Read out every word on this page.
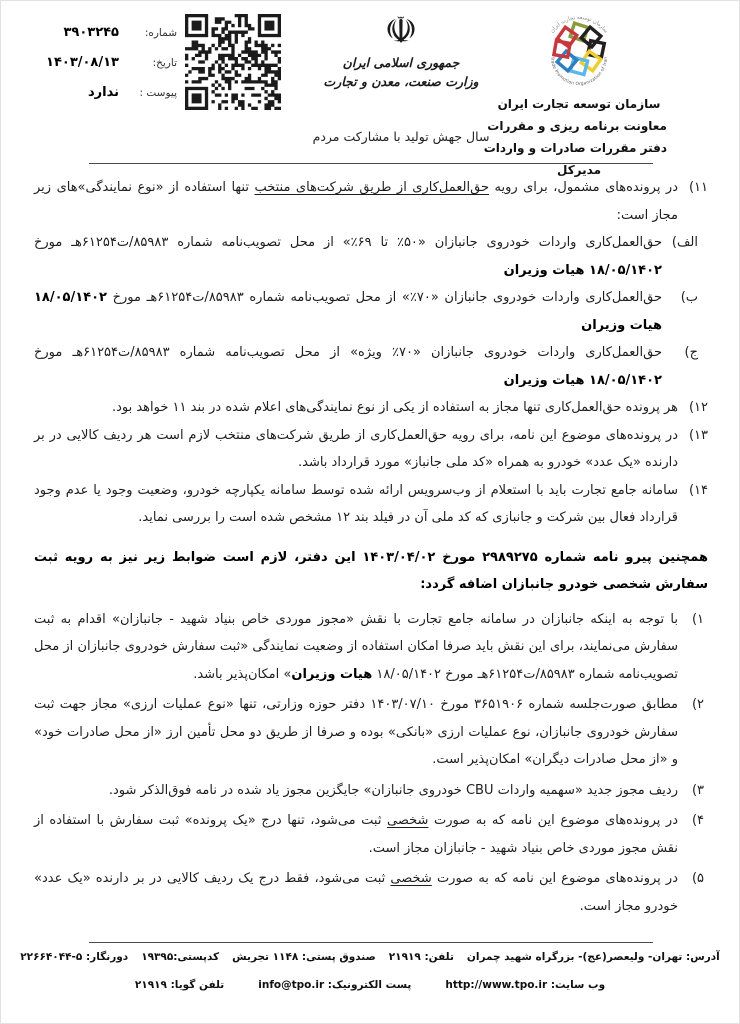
شماره:
۳۹۰۳۲۴۵
تاریخ:
۱۴۰۳/۰۸/۱۳
پیوست :
ندارد
☫
جمهوری اسلامی ایران
وزارت صنعت، معدن و تجارت
سال جهش تولید با مشارکت مردم
سازمان توسعه تجارت ایران
Trade Promotion Organization of Iran
سازمان توسعه تجارت ایران
معاونت برنامه ریزی و مقررات
دفتر مقررات صادرات و واردات
مدیرکل
۱۱)
در پرونده‌های مشمول، برای رویه حق‌العمل‌کاری از طریق شرکت‌های منتخب تنها استفاده از «نوع نمایندگی»های زیر مجاز است:
الف)
حق‌العمل‌کاری واردات خودروی جانبازان «۵۰٪ تا ۶۹٪» از محل تصویب‌نامه شماره ۸۵۹۸۳/ت۶۱۲۵۴هـ مورخ ۱۸/۰۵/۱۴۰۲ هیات وزیران
ب)
حق‌العمل‌کاری واردات خودروی جانبازان «۷۰٪» از محل تصویب‌نامه شماره ۸۵۹۸۳/ت۶۱۲۵۴هـ مورخ ۱۸/۰۵/۱۴۰۲ هیات وزیران
ج)
حق‌العمل‌کاری واردات خودروی جانبازان «۷۰٪ ویژه» از محل تصویب‌نامه شماره ۸۵۹۸۳/ت۶۱۲۵۴هـ مورخ ۱۸/۰۵/۱۴۰۲ هیات وزیران
۱۲)
هر پرونده حق‌العمل‌کاری تنها مجاز به استفاده از یکی از نوع نمایندگی‌های اعلام شده در بند ۱۱ خواهد بود.
۱۳)
در پرونده‌های موضوع این نامه، برای رویه حق‌العمل‌کاری از طریق شرکت‌های منتخب لازم است هر ردیف کالایی در بر دارنده «یک عدد» خودرو به همراه «کد ملی جانباز» مورد قرارداد باشد.
۱۴)
سامانه جامع تجارت باید با استعلام از وب‌سرویس ارائه شده توسط سامانه یکپارچه خودرو، وضعیت وجود یا عدم وجود قرارداد فعال بین شرکت و جانبازی که کد ملی آن در فیلد بند ۱۲ مشخص شده است را بررسی نماید.
همچنین پیرو نامه شماره ۲۹۸۹۲۷۵ مورخ ۱۴۰۳/۰۴/۰۲ این دفتر، لازم است ضوابط زیر نیز به رویه ثبت سفارش شخصی خودرو جانبازان اضافه گردد:
۱)
با توجه به اینکه جانبازان در سامانه جامع تجارت با نقش «مجوز موردی خاص بنیاد شهید - جانبازان» اقدام به ثبت سفارش می‌نمایند، برای این نقش باید صرفا امکان استفاده از وضعیت نمایندگی «ثبت سفارش خودروی جانبازان از محل تصویب‌نامه شماره ۸۵۹۸۳/ت۶۱۲۵۴هـ مورخ ۱۸/۰۵/۱۴۰۲ هیات وزیران» امکان‌پذیر باشد.
۲)
مطابق صورت‌جلسه شماره ۳۶۵۱۹۰۶ مورخ ۱۴۰۳/۰۷/۱۰ دفتر حوزه وزارتی، تنها «نوع عملیات ارزی» مجاز جهت ثبت سفارش خودروی جانبازان، نوع عملیات ارزی «بانکی» بوده و صرفا از طریق دو محل تأمین ارز «از محل صادرات خود» و «از محل صادرات دیگران» امکان‌پذیر است.
۳)
ردیف مجوز جدید «سهمیه واردات CBU خودروی جانبازان» جایگزین مجوز یاد شده در نامه فوق‌الذکر شود.
۴)
در پرونده‌های موضوع این نامه که به صورت شخصی ثبت می‌شود، تنها درج «یک پرونده» ثبت سفارش با استفاده از نقش مجوز موردی خاص بنیاد شهید - جانبازان مجاز است.
۵)
در پرونده‌های موضوع این نامه که به صورت شخصی ثبت می‌شود، فقط درج یک ردیف کالایی در بر دارنده «یک عدد» خودرو مجاز است.
آدرس: تهران- ولیعصر(عج)- بزرگراه شهید چمران
تلفن: ۲۱۹۱۹
صندوق پستی: ۱۱۴۸ تجریش
کدپستی:۱۹۳۹۵
دورنگار: ۵-۲۲۶۶۴۰۴۴
وب سایت: http://www.tpo.ir
پست الکترونیک: info@tpo.ir
تلفن گویا: ۲۱۹۱۹
